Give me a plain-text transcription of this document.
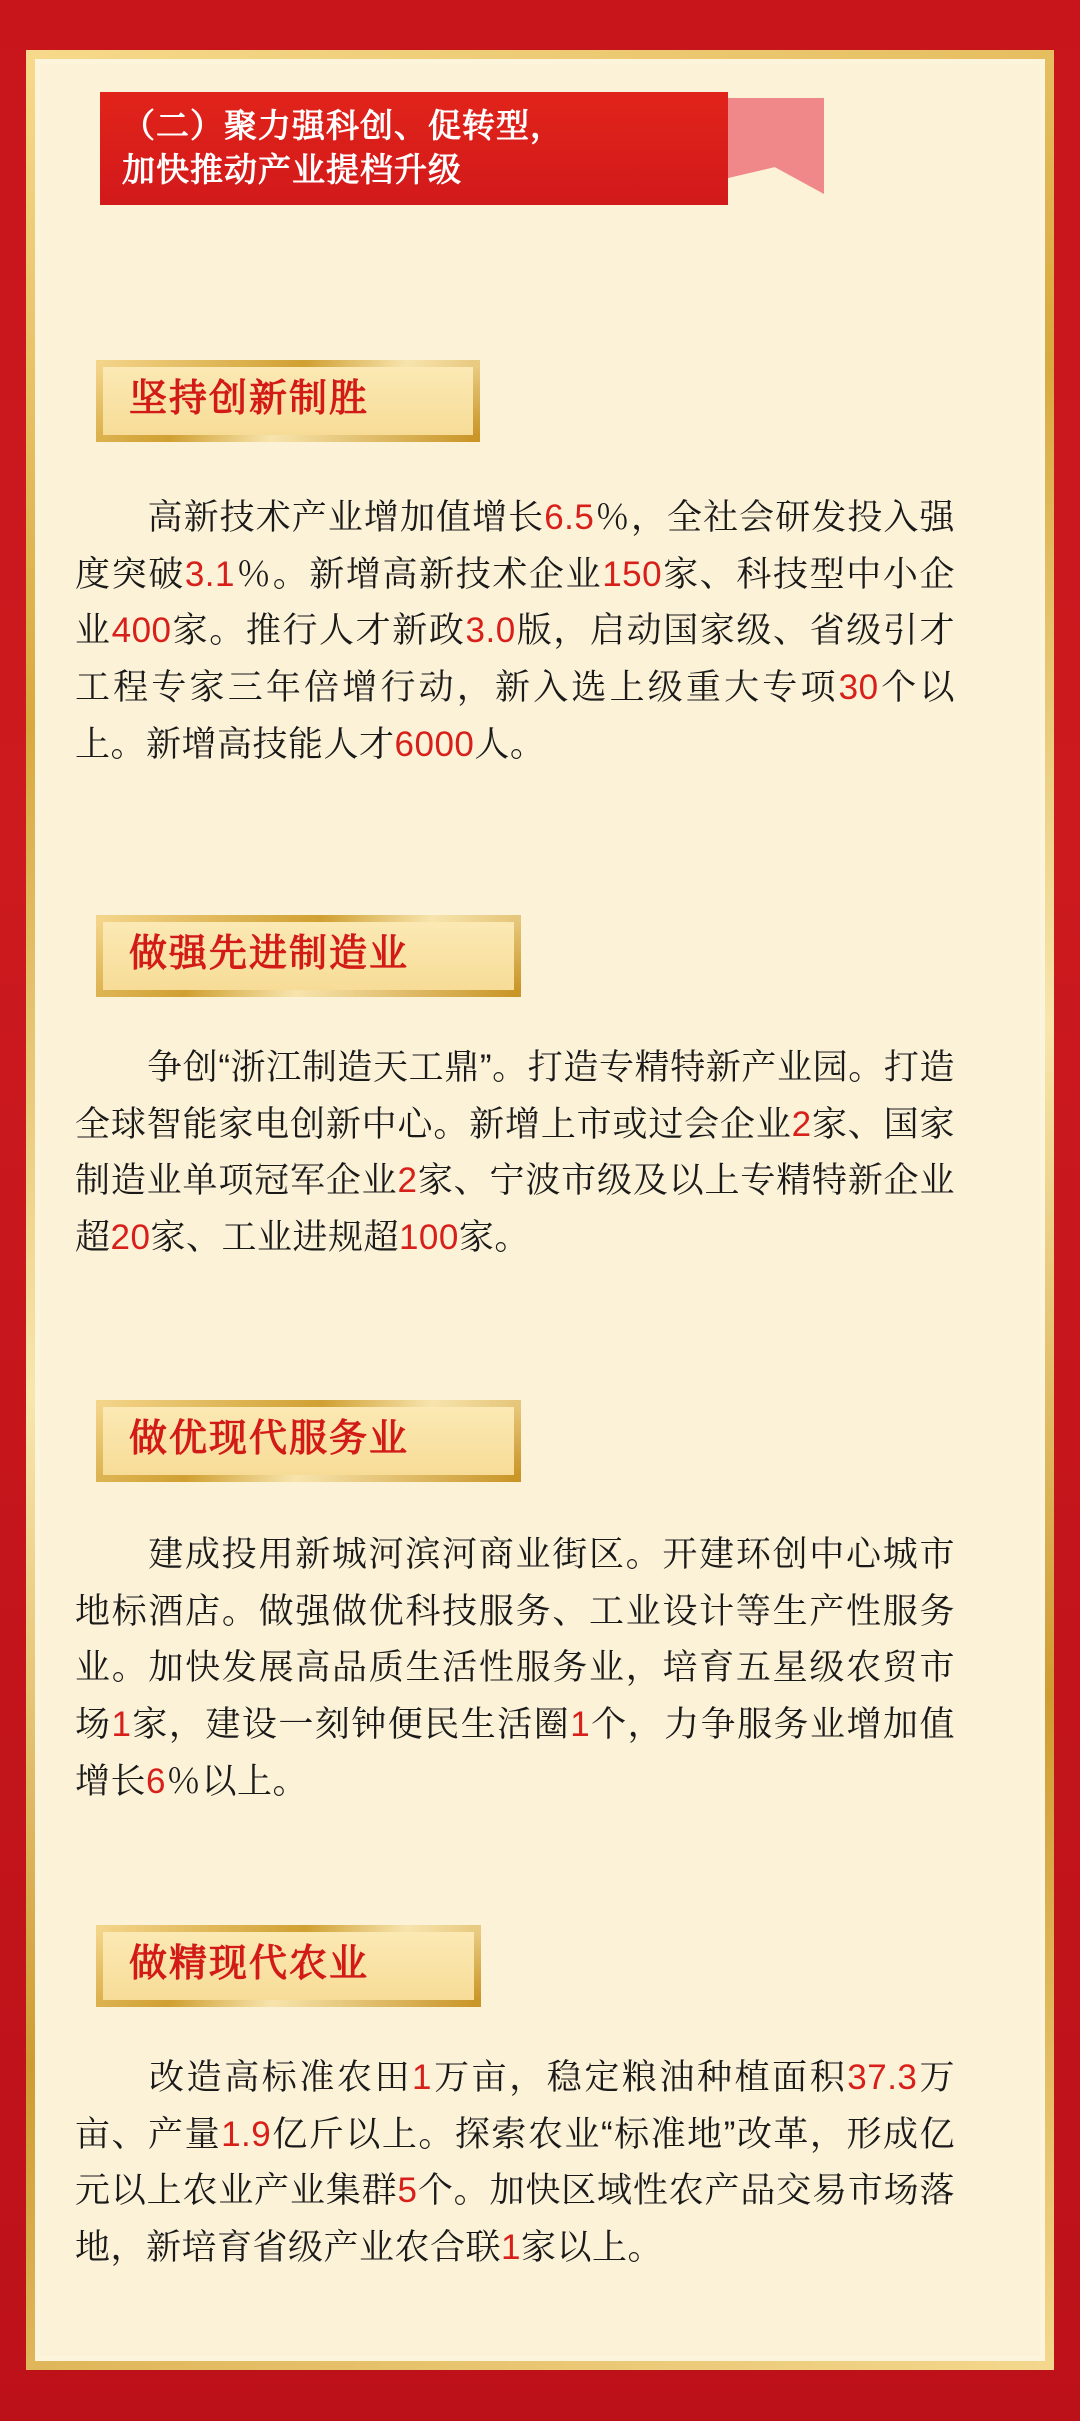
（二）聚力强科创、促转型，
加快推动产业提档升级
坚持创新制胜
高新技术产业增加值增长6.5％，全社会研发投入强度突破3.1％。新增高新技术企业150家、科技型中小企业400家。推行人才新政3.0版，启动国家级、省级引才工程专家三年倍增行动，新入选上级重大专项30个以上。新增高技能人才6000人。
做强先进制造业
争创“浙江制造天工鼎”。打造专精特新产业园。打造全球智能家电创新中心。新增上市或过会企业2家、国家制造业单项冠军企业2家、宁波市级及以上专精特新企业超20家、工业进规超100家。
做优现代服务业
建成投用新城河滨河商业街区。开建环创中心城市地标酒店。做强做优科技服务、工业设计等生产性服务业。加快发展高品质生活性服务业，培育五星级农贸市场1家，建设一刻钟便民生活圈1个，力争服务业增加值增长6％以上。
做精现代农业
改造高标准农田1万亩，稳定粮油种植面积37.3万亩、产量1.9亿斤以上。探索农业“标准地”改革，形成亿元以上农业产业集群5个。加快区域性农产品交易市场落地，新培育省级产业农合联1家以上。
